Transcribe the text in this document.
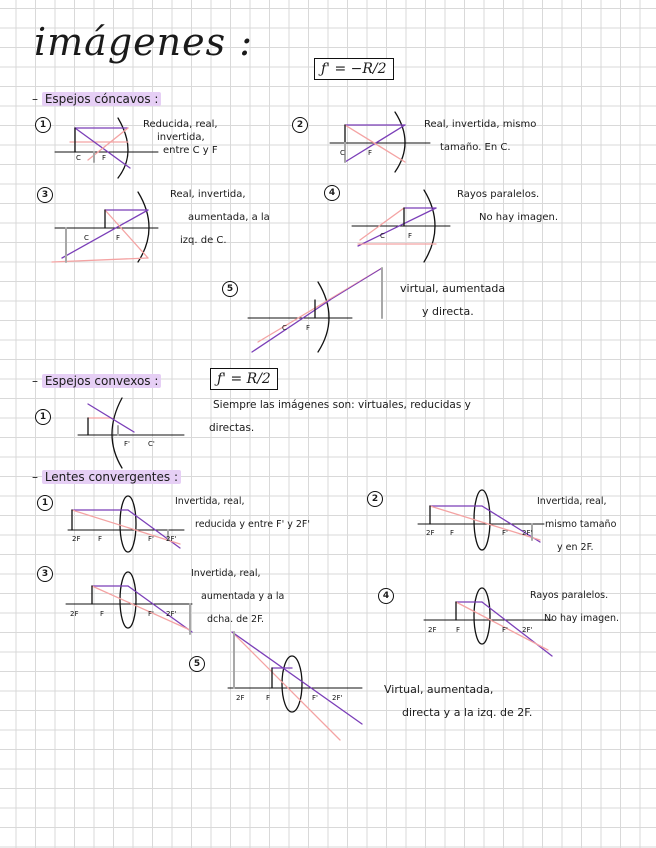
imágenes :
ƒ' = −R/2
– Espejos cóncavos :
– Espejos convexos :	ƒ' = R/2
– Lentes convergentes :
1	2
3	4
5
1
1	2
3
4
5
Reducida, real,
invertida,
entre C y F
Real, invertida, mismo
tamaño. En C.
Real, invertida,
aumentada, a la
izq. de C.
Rayos paralelos.
No hay imagen.
virtual, aumentada
y directa.
Siempre las imágenes son: virtuales, reducidas y
directas.
Invertida, real,
reducida y entre F' y 2F'
Invertida, real,
mismo tamaño
y en 2F.
Invertida, real,
aumentada y a la
dcha. de 2F.
Rayos paralelos.
No hay imagen.
Virtual, aumentada,
directa y a la izq. de 2F.
C	F
C	F
C	F	C	F
C	F
F'	C'
2F	F	F' 2F'
2F F	F' 2F'
2F	F	F' 2F'
2F	F	F' 2F'
2F	F	F' 2F'
